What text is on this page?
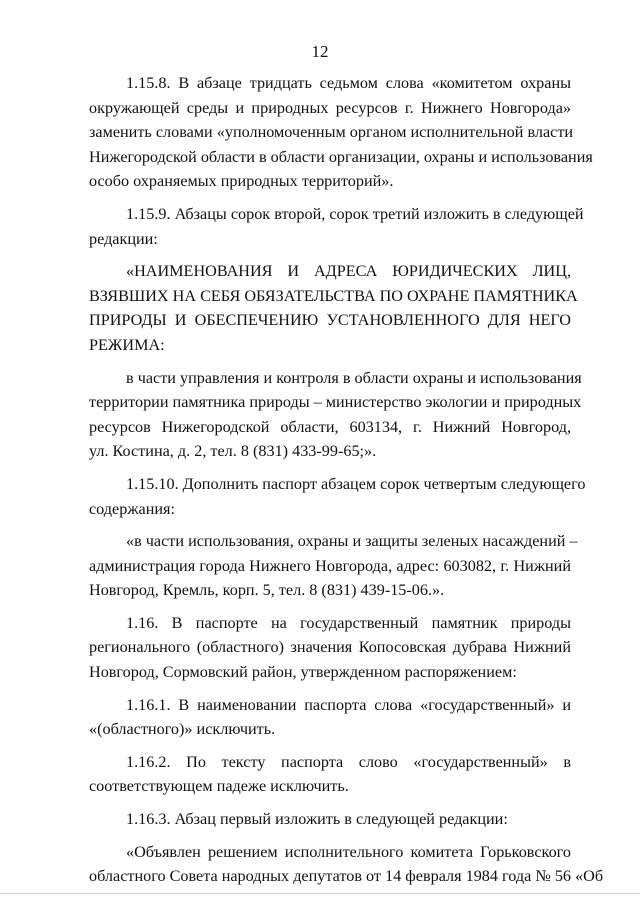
12
1.15.8. В абзаце тридцать седьмом слова «комитетом охраны
окружающей среды и природных ресурсов г. Нижнего Новгорода»
заменить словами «уполномоченным органом исполнительной власти
Нижегородской области в области организации, охраны и использования
особо охраняемых природных территорий».
1.15.9. Абзацы сорок второй, сорок третий изложить в следующей
редакции:
«НАИМЕНОВАНИЯ И АДРЕСА ЮРИДИЧЕСКИХ ЛИЦ,
ВЗЯВШИХ НА СЕБЯ ОБЯЗАТЕЛЬСТВА ПО ОХРАНЕ ПАМЯТНИКА
ПРИРОДЫ И ОБЕСПЕЧЕНИЮ УСТАНОВЛЕННОГО ДЛЯ НЕГО
РЕЖИМА:
в части управления и контроля в области охраны и использования
территории памятника природы – министерство экологии и природных
ресурсов Нижегородской области, 603134, г. Нижний Новгород,
ул. Костина, д. 2, тел. 8 (831) 433-99-65;».
1.15.10. Дополнить паспорт абзацем сорок четвертым следующего
содержания:
«в части использования, охраны и защиты зеленых насаждений –
администрация города Нижнего Новгорода, адрес: 603082, г. Нижний
Новгород, Кремль, корп. 5, тел. 8 (831) 439-15-06.».
1.16. В паспорте на государственный памятник природы
регионального (областного) значения Копосовская дубрава Нижний
Новгород, Сормовский район, утвержденном распоряжением:
1.16.1. В наименовании паспорта слова «государственный» и
«(областного)» исключить.
1.16.2. По тексту паспорта слово «государственный» в
соответствующем падеже исключить.
1.16.3. Абзац первый изложить в следующей редакции:
«Объявлен решением исполнительного комитета Горьковского
областного Совета народных депутатов от 14 февраля 1984 года № 56 «Об
